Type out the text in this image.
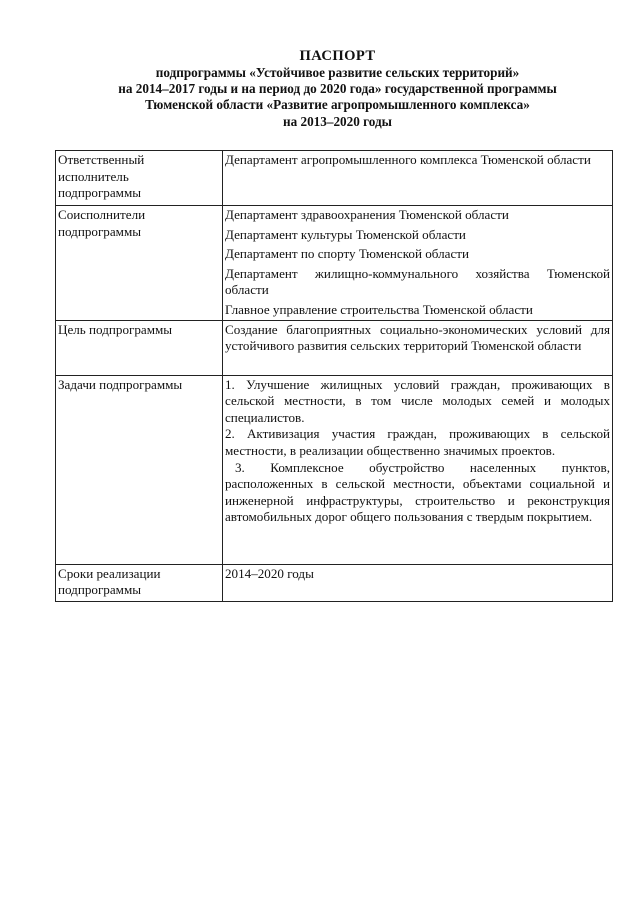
ПАСПОРТ
подпрограммы «Устойчивое развитие сельских территорий»
на 2014–2017 годы и на период до 2020 года» государственной программы
Тюменской области «Развитие агропромышленного комплекса»
на 2013–2020 годы
Ответственный
исполнитель
подпрограммы	Департамент агропромышленного комплекса Тюменской области

Соисполнители
подпрограммы	Департамент здравоохранения Тюменской области
Департамент культуры Тюменской области
Департамент по спорту Тюменской области
Департамент жилищно-коммунального хозяйства Тюменской области
Главное управление строительства Тюменской области

Цель подпрограммы	Создание благоприятных социально-экономических условий для устойчивого развития сельских территорий Тюменской области

Задачи подпрограммы	1. Улучшение жилищных условий граждан, проживающих в сельской местности, в том числе молодых семей и молодых специалистов.
2. Активизация участия граждан, проживающих в сельской местности, в реализации общественно значимых проектов.
3. Комплексное обустройство населенных пунктов, расположенных в сельской местности, объектами социальной и инженерной инфраструктуры, строительство и реконструкция автомобильных дорог общего пользования с твердым покрытием.

Сроки реализации
подпрограммы	2014–2020 годы
